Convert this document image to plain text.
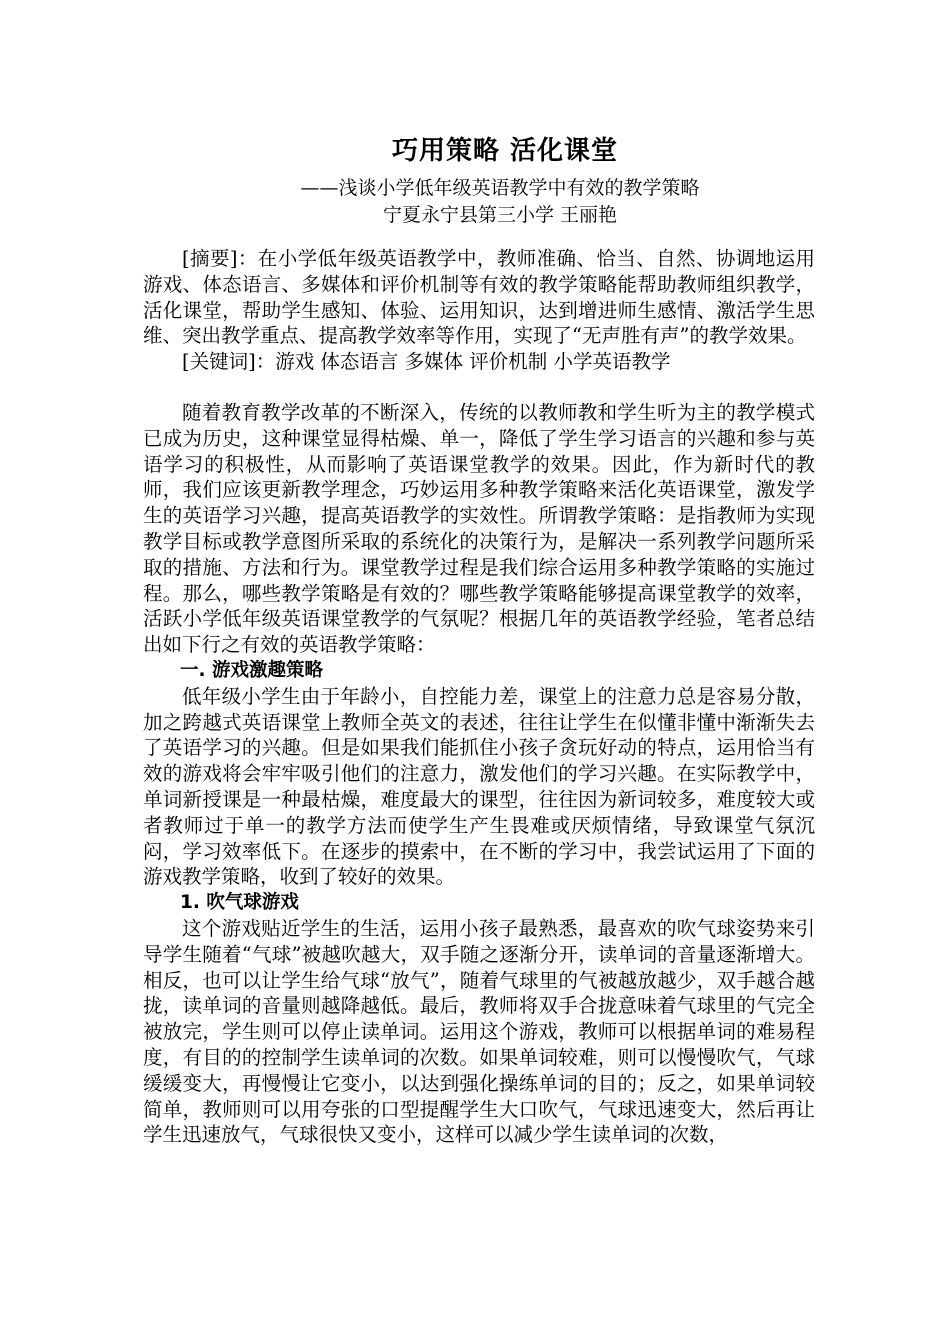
巧用策略 活化课堂
——浅谈小学低年级英语教学中有效的教学策略
宁夏永宁县第三小学 王丽艳

[摘要]：在小学低年级英语教学中，教师准确、恰当、自然、协调地运用游戏、体态语言、多媒体和评价机制等有效的教学策略能帮助教师组织教学，活化课堂，帮助学生感知、体验、运用知识，达到增进师生感情、激活学生思维、突出教学重点、提高教学效率等作用，实现了“无声胜有声”的教学效果。

[关键词]：游戏 体态语言 多媒体 评价机制 小学英语教学

随着教育教学改革的不断深入，传统的以教师教和学生听为主的教学模式已成为历史，这种课堂显得枯燥、单一，降低了学生学习语言的兴趣和参与英语学习的积极性，从而影响了英语课堂教学的效果。因此，作为新时代的教师，我们应该更新教学理念，巧妙运用多种教学策略来活化英语课堂，激发学生的英语学习兴趣，提高英语教学的实效性。所谓教学策略：是指教师为实现教学目标或教学意图所采取的系统化的决策行为，是解决一系列教学问题所采取的措施、方法和行为。课堂教学过程是我们综合运用多种教学策略的实施过程。那么，哪些教学策略是有效的？哪些教学策略能够提高课堂教学的效率，活跃小学低年级英语课堂教学的气氛呢？根据几年的英语教学经验，笔者总结出如下行之有效的英语教学策略：

一. 游戏激趣策略

低年级小学生由于年龄小，自控能力差，课堂上的注意力总是容易分散，加之跨越式英语课堂上教师全英文的表述，往往让学生在似懂非懂中渐渐失去了英语学习的兴趣。但是如果我们能抓住小孩子贪玩好动的特点，运用恰当有效的游戏将会牢牢吸引他们的注意力，激发他们的学习兴趣。在实际教学中，单词新授课是一种最枯燥，难度最大的课型，往往因为新词较多，难度较大或者教师过于单一的教学方法而使学生产生畏难或厌烦情绪，导致课堂气氛沉闷，学习效率低下。在逐步的摸索中，在不断的学习中，我尝试运用了下面的游戏教学策略，收到了较好的效果。

1. 吹气球游戏

这个游戏贴近学生的生活，运用小孩子最熟悉，最喜欢的吹气球姿势来引导学生随着“气球”被越吹越大，双手随之逐渐分开，读单词的音量逐渐增大。相反，也可以让学生给气球“放气”，随着气球里的气被越放越少，双手越合越拢，读单词的音量则越降越低。最后，教师将双手合拢意味着气球里的气完全被放完，学生则可以停止读单词。运用这个游戏，教师可以根据单词的难易程度，有目的的控制学生读单词的次数。如果单词较难，则可以慢慢吹气，气球缓缓变大，再慢慢让它变小，以达到强化操练单词的目的；反之，如果单词较简单，教师则可以用夸张的口型提醒学生大口吹气，气球迅速变大，然后再让学生迅速放气，气球很快又变小，这样可以减少学生读单词的次数，
